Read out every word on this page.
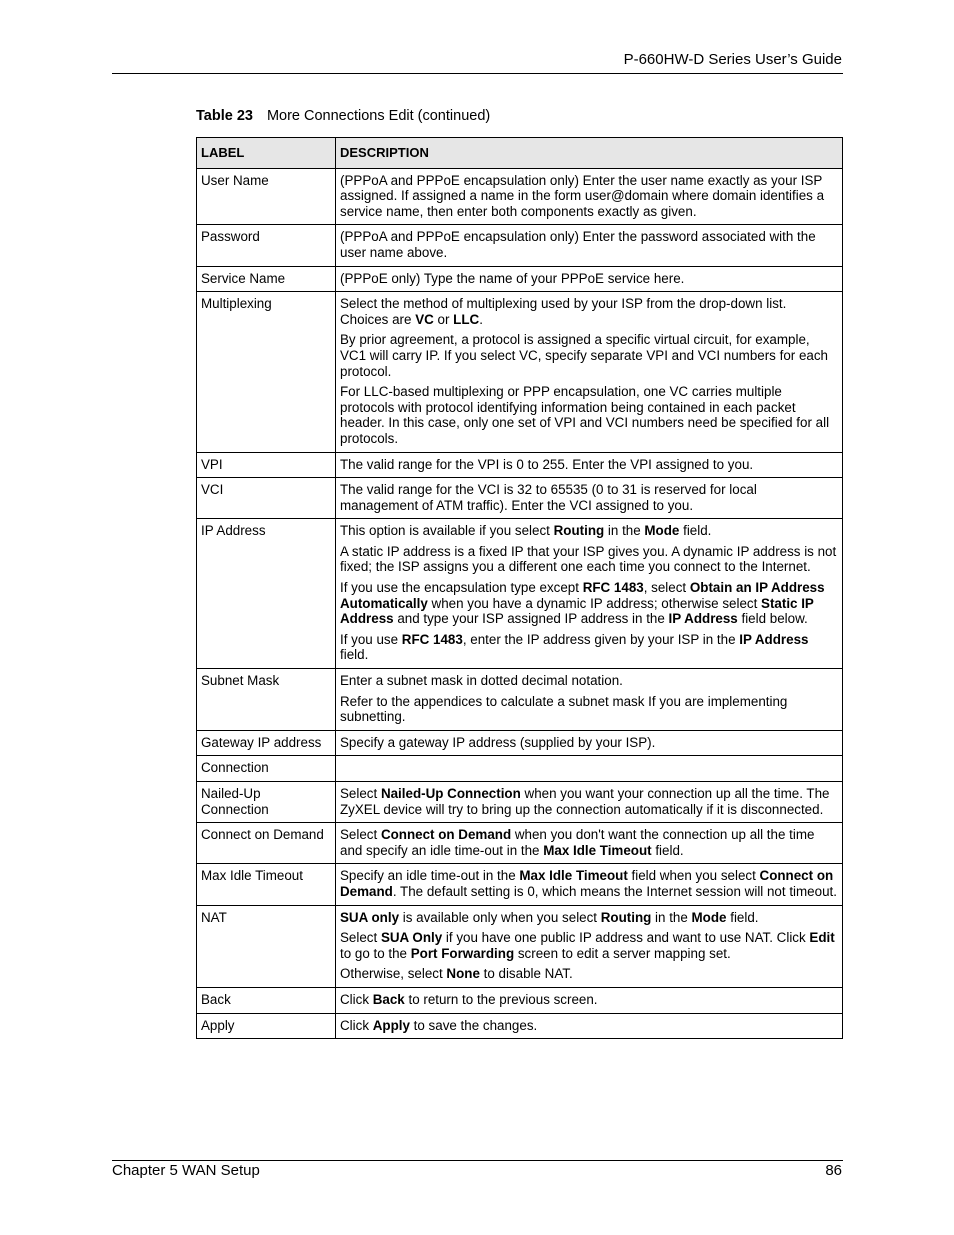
P-660HW-D Series User’s Guide
Table 23 More Connections Edit (continued)
LABEL	DESCRIPTION
User Name	(PPPoA and PPPoE encapsulation only) Enter the user name exactly as your ISP assigned. If assigned a name in the form user@domain where domain identifies a service name, then enter both components exactly as given.

Password	(PPPoA and PPPoE encapsulation only) Enter the password associated with the user name above.

Service Name	(PPPoE only) Type the name of your PPPoE service here.

Multiplexing	Select the method of multiplexing used by your ISP from the drop-down list. Choices are VC or LLC.

By prior agreement, a protocol is assigned a specific virtual circuit, for example, VC1 will carry IP. If you select VC, specify separate VPI and VCI numbers for each protocol.

For LLC-based multiplexing or PPP encapsulation, one VC carries multiple protocols with protocol identifying information being contained in each packet header. In this case, only one set of VPI and VCI numbers need be specified for all protocols.

VPI	The valid range for the VPI is 0 to 255. Enter the VPI assigned to you.

VCI	The valid range for the VCI is 32 to 65535 (0 to 31 is reserved for local management of ATM traffic). Enter the VCI assigned to you.

IP Address	This option is available if you select Routing in the Mode field.

A static IP address is a fixed IP that your ISP gives you. A dynamic IP address is not fixed; the ISP assigns you a different one each time you connect to the Internet.

If you use the encapsulation type except RFC 1483, select Obtain an IP Address Automatically when you have a dynamic IP address; otherwise select Static IP Address and type your ISP assigned IP address in the IP Address field below.

If you use RFC 1483, enter the IP address given by your ISP in the IP Address field.

Subnet Mask	Enter a subnet mask in dotted decimal notation.

Refer to the appendices to calculate a subnet mask If you are implementing subnetting.

Gateway IP address	Specify a gateway IP address (supplied by your ISP).

Connection	
Nailed-Up Connection	Select Nailed-Up Connection when you want your connection up all the time. The ZyXEL device will try to bring up the connection automatically if it is disconnected.

Connect on Demand	Select Connect on Demand when you don't want the connection up all the time and specify an idle time-out in the Max Idle Timeout field.

Max Idle Timeout	Specify an idle time-out in the Max Idle Timeout field when you select Connect on Demand. The default setting is 0, which means the Internet session will not timeout.

NAT	SUA only is available only when you select Routing in the Mode field.

Select SUA Only if you have one public IP address and want to use NAT. Click Edit to go to the Port Forwarding screen to edit a server mapping set.

Otherwise, select None to disable NAT.

Back	Click Back to return to the previous screen.

Apply	Click Apply to save the changes.

Chapter 5 WAN Setup	86
